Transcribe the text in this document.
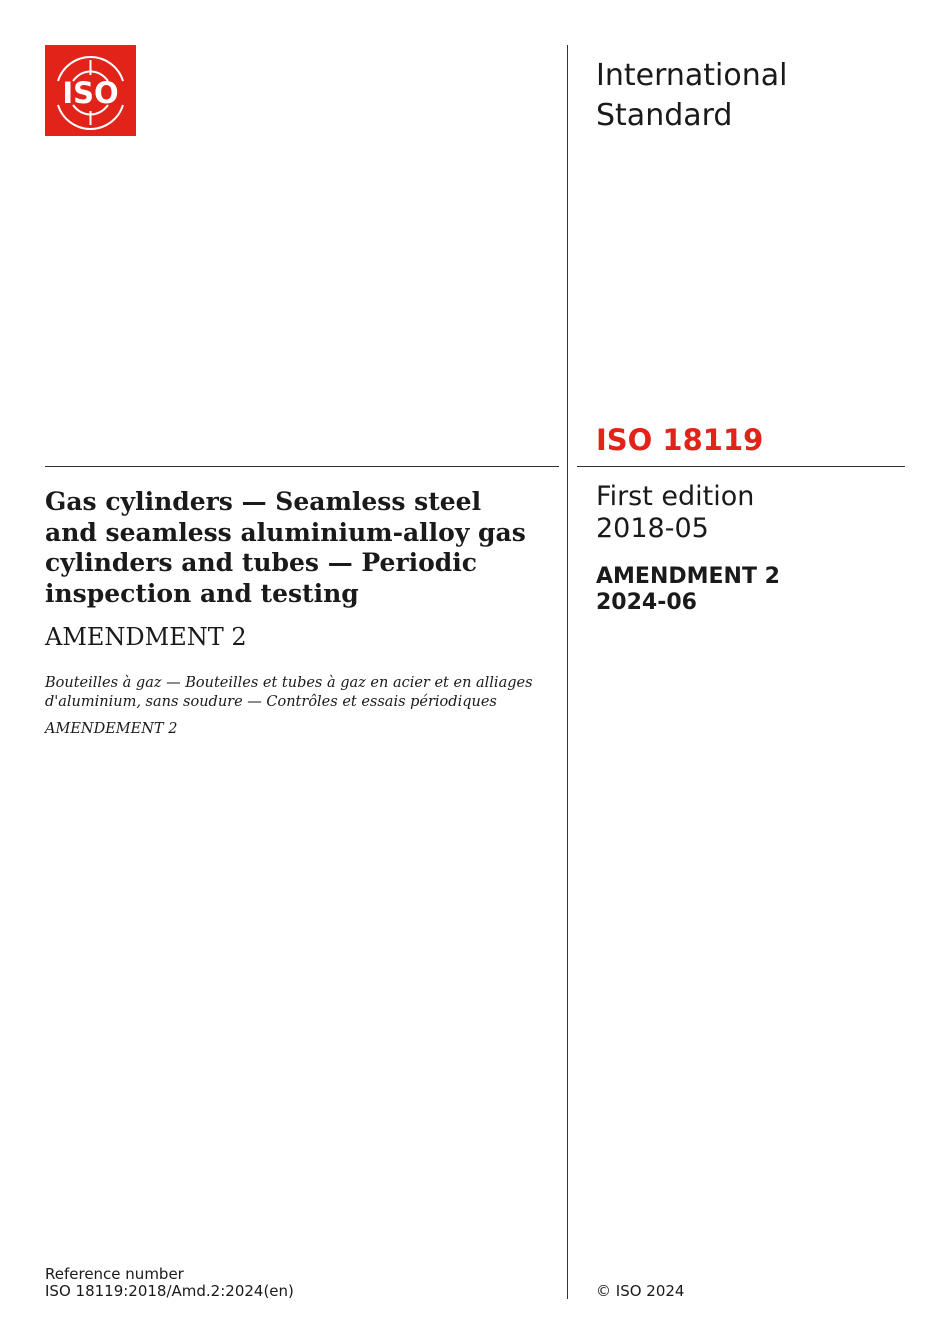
ISO	International
Standard
ISO 18119
First edition
2018-05
AMENDMENT 2
2024-06
Gas cylinders — Seamless steel
and seamless aluminium-alloy gas
cylinders and tubes — Periodic
inspection and testing
AMENDMENT 2
Bouteilles à gaz — Bouteilles et tubes à gaz en acier et en alliages
d'aluminium, sans soudure — Contrôles et essais périodiques
AMENDEMENT 2
Reference number
ISO 18119:2018/Amd.2:2024(en)	© ISO 2024
